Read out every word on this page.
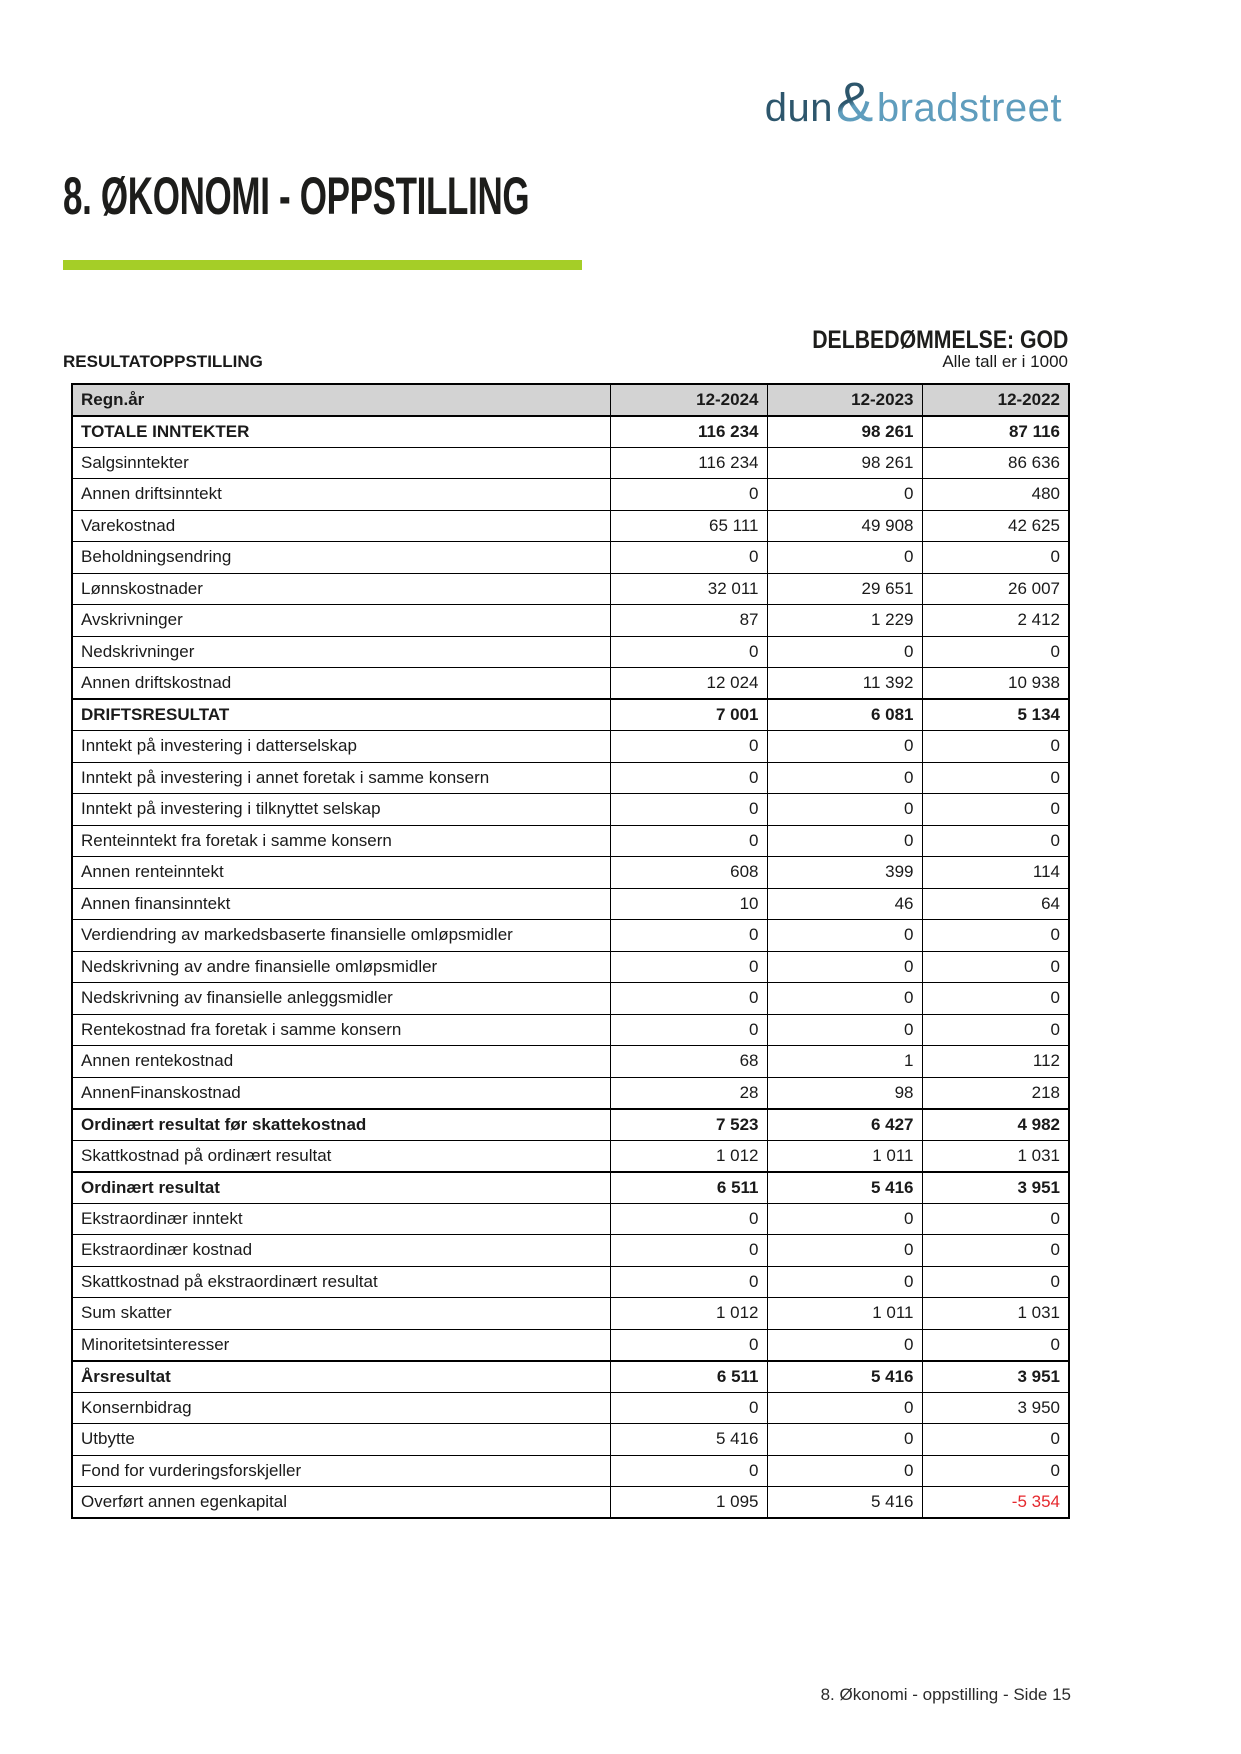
dun & bradstreet
8. ØKONOMI - OPPSTILLING
DELBEDØMMELSE: GOD
RESULTATOPPSTILLING	Alle tall er i 1000
Regn.år	12-2024	12-2023	12-2022
TOTALE INNTEKTER	116 234	98 261	87 116
Salgsinntekter	116 234	98 261	86 636
Annen driftsinntekt	0	0	480
Varekostnad	65 111	49 908	42 625
Beholdningsendring	0	0	0
Lønnskostnader	32 011	29 651	26 007
Avskrivninger	87	1 229	2 412
Nedskrivninger	0	0	0
Annen driftskostnad	12 024	11 392	10 938
DRIFTSRESULTAT	7 001	6 081	5 134
Inntekt på investering i datterselskap	0	0	0
Inntekt på investering i annet foretak i samme konsern	0	0	0
Inntekt på investering i tilknyttet selskap	0	0	0
Renteinntekt fra foretak i samme konsern	0	0	0
Annen renteinntekt	608	399	114
Annen finansinntekt	10	46	64
Verdiendring av markedsbaserte finansielle omløpsmidler	0	0	0
Nedskrivning av andre finansielle omløpsmidler	0	0	0
Nedskrivning av finansielle anleggsmidler	0	0	0
Rentekostnad fra foretak i samme konsern	0	0	0
Annen rentekostnad	68	1	112
AnnenFinanskostnad	28	98	218
Ordinært resultat før skattekostnad	7 523	6 427	4 982
Skattkostnad på ordinært resultat	1 012	1 011	1 031
Ordinært resultat	6 511	5 416	3 951
Ekstraordinær inntekt	0	0	0
Ekstraordinær kostnad	0	0	0
Skattkostnad på ekstraordinært resultat	0	0	0
Sum skatter	1 012	1 011	1 031
Minoritetsinteresser	0	0	0
Årsresultat	6 511	5 416	3 951
Konsernbidrag	0	0	3 950
Utbytte	5 416	0	0
Fond for vurderingsforskjeller	0	0	0
Overført annen egenkapital	1 095	5 416	-5 354
8. Økonomi - oppstilling - Side 15
